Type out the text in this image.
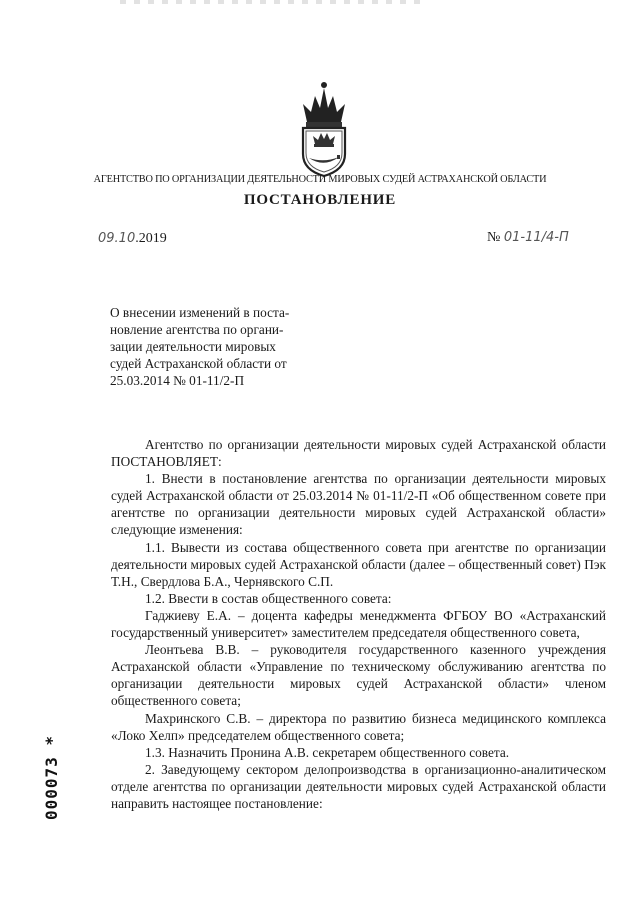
АГЕНТСТВО ПО ОРГАНИЗАЦИИ ДЕЯТЕЛЬНОСТИ МИРОВЫХ СУДЕЙ АСТРАХАНСКОЙ ОБЛАСТИ
ПОСТАНОВЛЕНИЕ
09.10.2019	№ 01-11/4-П
О внесении изменений в поста-
новление агентства по органи-
зации деятельности мировых
судей Астраханской области от
25.03.2014 № 01-11/2-П

Агентство по организации деятельности мировых судей Астраханской области ПОСТАНОВЛЯЕТ:

1. Внести в постановление агентства по организации деятельности мировых судей Астраханской области от 25.03.2014 № 01-11/2-П «Об общественном совете при агентстве по организации деятельности мировых судей Астраханской области» следующие изменения:

1.1. Вывести из состава общественного совета при агентстве по организации деятельности мировых судей Астраханской области (далее – общественный совет) Пэк Т.Н., Свердлова Б.А., Чернявского С.П.

1.2. Ввести в состав общественного совета:

Гаджиеву Е.А. – доцента кафедры менеджмента ФГБОУ ВО «Астраханский государственный университет» заместителем председателя общественного совета,

Леонтьева В.В. – руководителя государственного казенного учреждения Астраханской области «Управление по техническому обслуживанию агентства по организации деятельности мировых судей Астраханской области» членом общественного совета;

Махринского С.В. – директора по развитию бизнеса медицинского комплекса «Локо Хелп» председателем общественного совета;

1.3. Назначить Пронина А.В. секретарем общественного совета.

2. Заведующему сектором делопроизводства в организационно-аналитическом отделе агентства по организации деятельности мировых судей Астраханской области направить настоящее постановление:

000073 *
